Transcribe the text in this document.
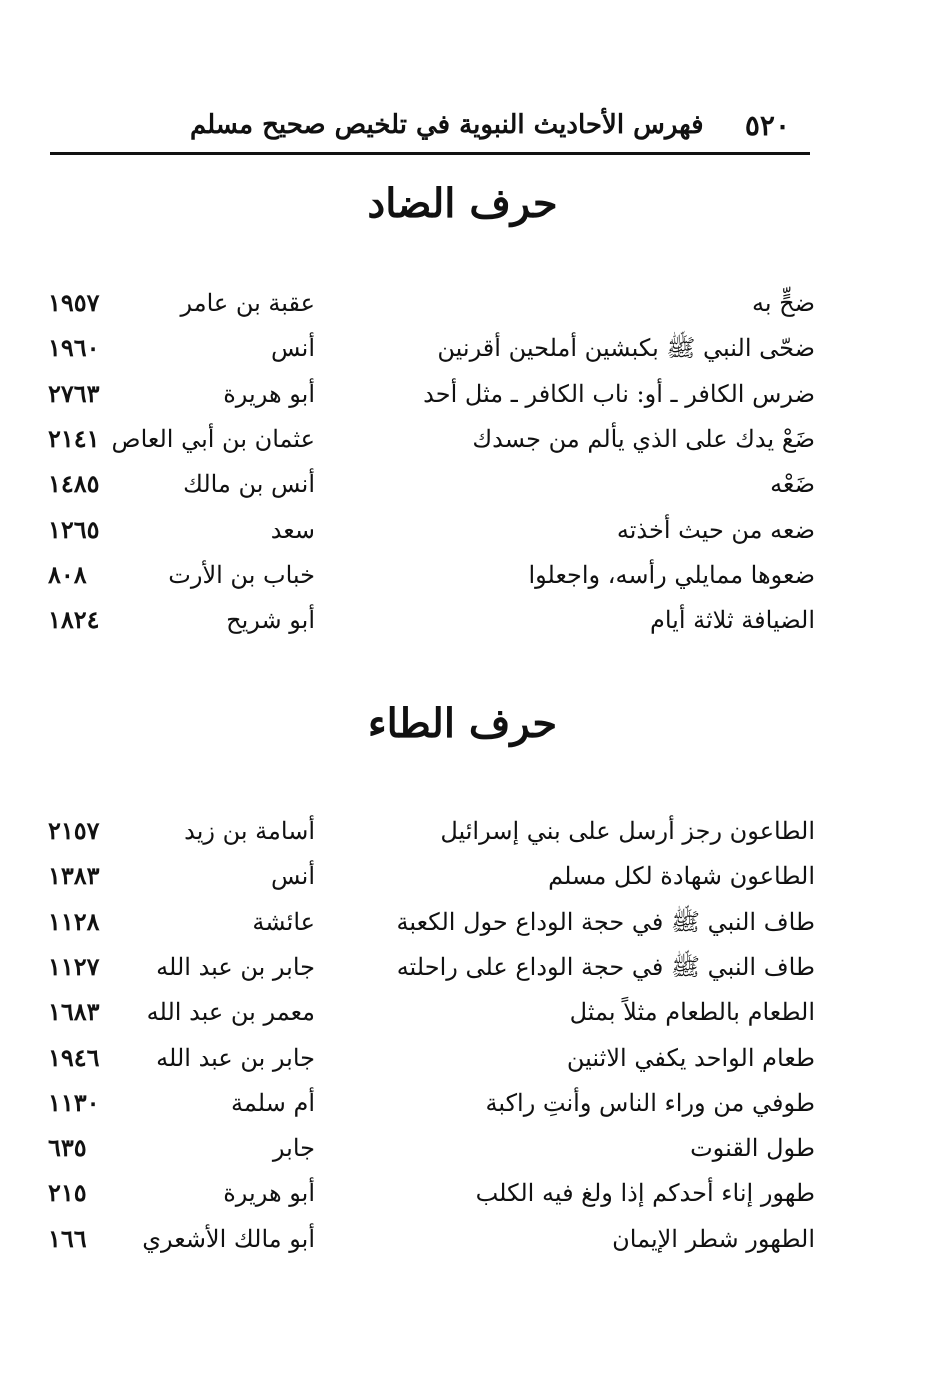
٥٢٠
فهرس الأحاديث النبوية في تلخيص صحيح مسلم
حرف الضاد
ضحٍّ به
عقبة بن عامر
١٩٥٧
ضحّى النبي ﷺ بكبشين أملحين أقرنين
أنس
١٩٦٠
ضرس الكافر ـ أو: ناب الكافر ـ مثل أحد
أبو هريرة
٢٧٦٣
ضَعْ يدك على الذي يألم من جسدك
عثمان بن أبي العاص
٢١٤١
ضَعْه
أنس بن مالك
١٤٨٥
ضعه من حيث أخذته
سعد
١٢٦٥
ضعوها ممايلي رأسه، واجعلوا
خباب بن الأرت
٨٠٨
الضيافة ثلاثة أيام
أبو شريح
١٨٢٤
حرف الطاء
الطاعون رجز أرسل على بني إسرائيل
أسامة بن زيد
٢١٥٧
الطاعون شهادة لكل مسلم
أنس
١٣٨٣
طاف النبي ﷺ في حجة الوداع حول الكعبة
عائشة
١١٢٨
طاف النبي ﷺ في حجة الوداع على راحلته
جابر بن عبد الله
١١٢٧
الطعام بالطعام مثلاً بمثل
معمر بن عبد الله
١٦٨٣
طعام الواحد يكفي الاثنين
جابر بن عبد الله
١٩٤٦
طوفي من وراء الناس وأنتِ راكبة
أم سلمة
١١٣٠
طول القنوت
جابر
٦٣٥
طهور إناء أحدكم إذا ولغ فيه الكلب
أبو هريرة
٢١٥
الطهور شطر الإيمان
أبو مالك الأشعري
١٦٦
